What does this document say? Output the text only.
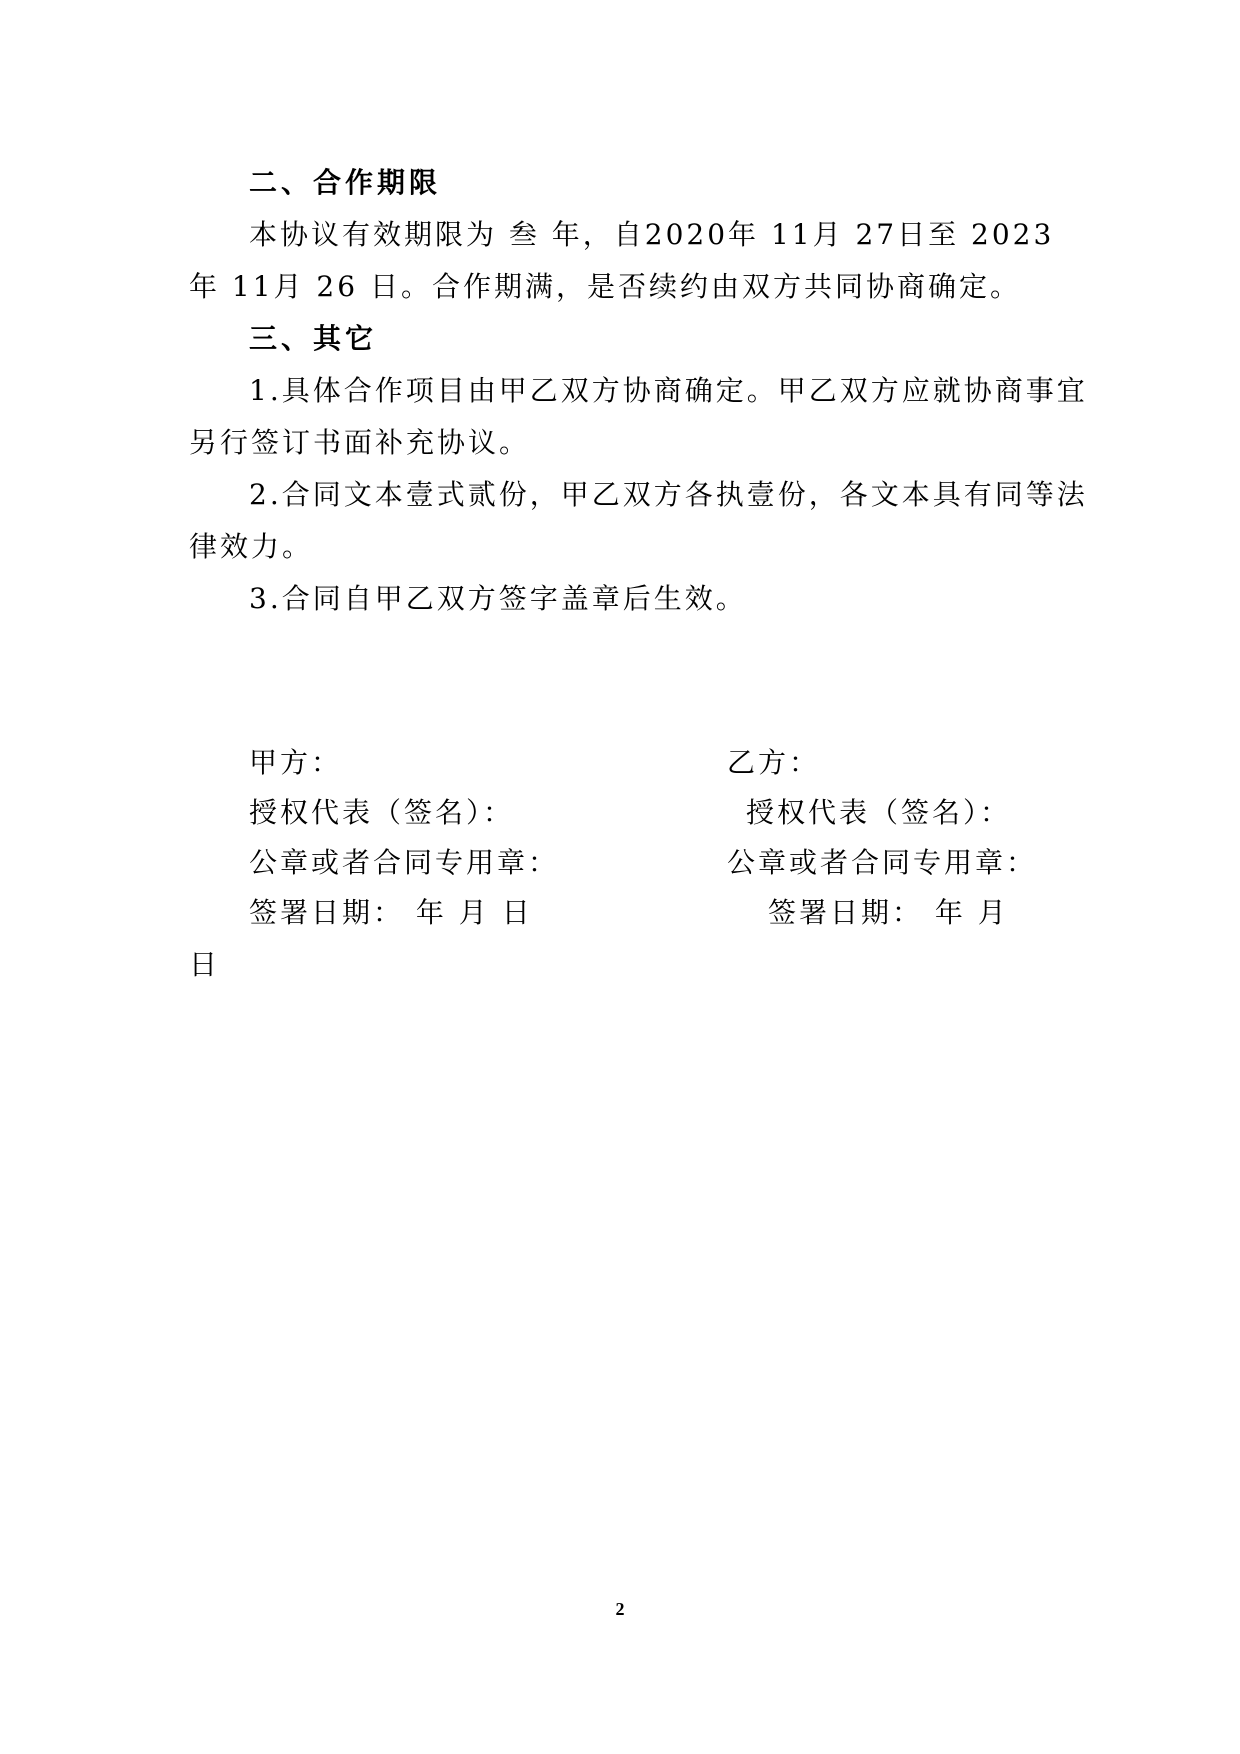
二、合作期限
本协议有效期限为 叁 年，自2020年 11月 27日至 2023
年 11月 26 日。合作期满，是否续约由双方共同协商确定。
三、其它
1.具体合作项目由甲乙双方协商确定。甲乙双方应就协商事宜
另行签订书面补充协议。
2.合同文本壹式贰份，甲乙双方各执壹份，各文本具有同等法
律效力。
3.合同自甲乙双方签字盖章后生效。
甲方：	乙方：
授权代表（签名）：	授权代表（签名）：
公章或者合同专用章：	公章或者合同专用章：
签署日期： 年 月 日	签署日期： 年 月
日
2
